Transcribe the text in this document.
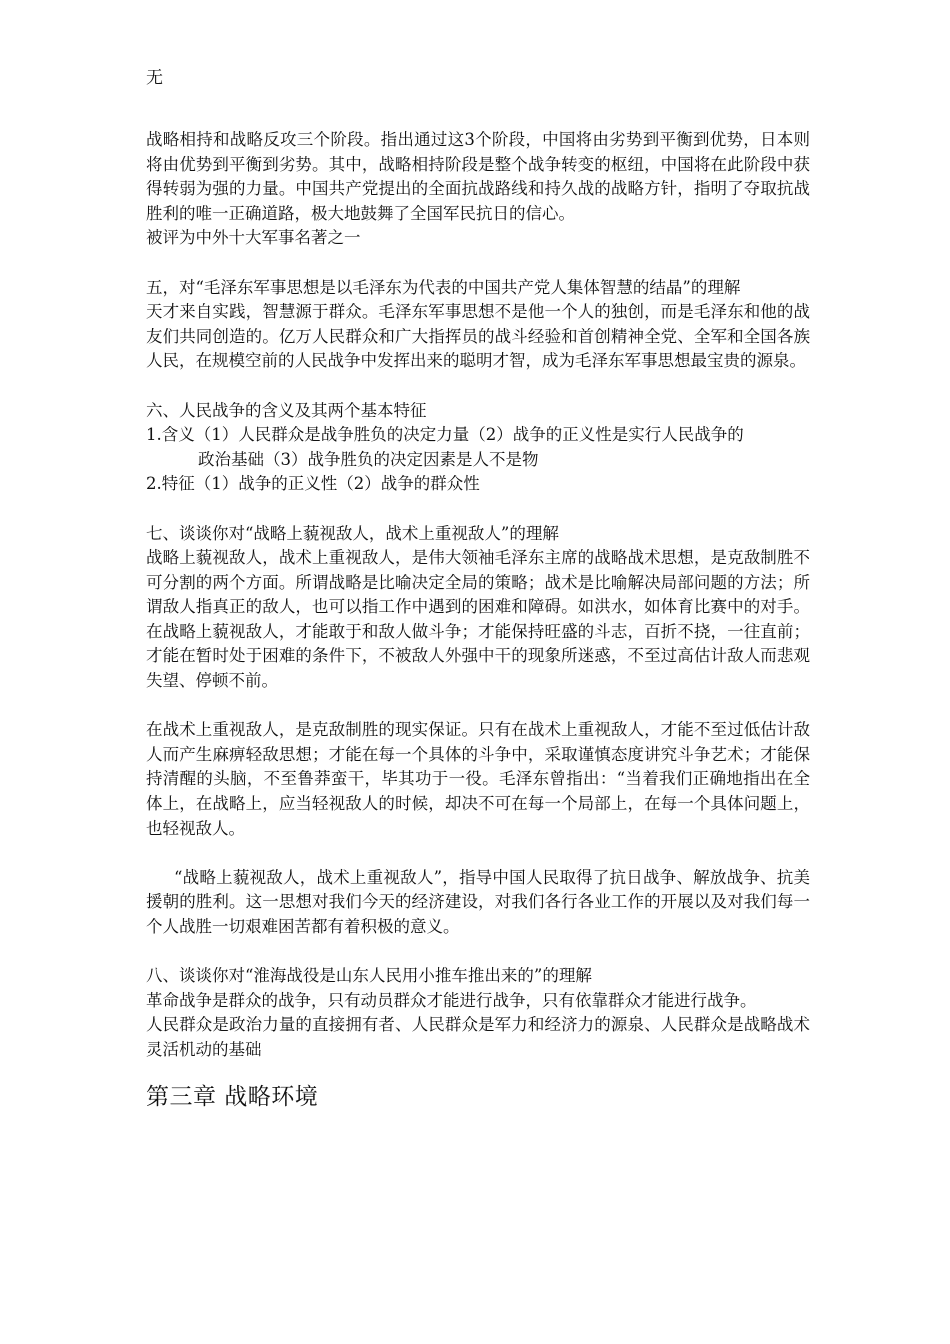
无

战略相持和战略反攻三个阶段。指出通过这3个阶段，中国将由劣势到平衡到优势，日本则将由优势到平衡到劣势。其中，战略相持阶段是整个战争转变的枢纽，中国将在此阶段中获得转弱为强的力量。中国共产党提出的全面抗战路线和持久战的战略方针，指明了夺取抗战胜利的唯一正确道路，极大地鼓舞了全国军民抗日的信心。

被评为中外十大军事名著之一

五，对“毛泽东军事思想是以毛泽东为代表的中国共产党人集体智慧的结晶”的理解

天才来自实践，智慧源于群众。毛泽东军事思想不是他一个人的独创，而是毛泽东和他的战友们共同创造的。亿万人民群众和广大指挥员的战斗经验和首创精神全党、全军和全国各族人民，在规模空前的人民战争中发挥出来的聪明才智，成为毛泽东军事思想最宝贵的源泉。

六、人民战争的含义及其两个基本特征

1.含义（1）人民群众是战争胜负的决定力量（2）战争的正义性是实行人民战争的

政治基础（3）战争胜负的决定因素是人不是物

2.特征（1）战争的正义性（2）战争的群众性

七、谈谈你对“战略上藐视敌人，战术上重视敌人”的理解

战略上藐视敌人，战术上重视敌人，是伟大领袖毛泽东主席的战略战术思想，是克敌制胜不可分割的两个方面。所谓战略是比喻决定全局的策略；战术是比喻解决局部问题的方法；所谓敌人指真正的敌人，也可以指工作中遇到的困难和障碍。如洪水，如体育比赛中的对手。在战略上藐视敌人，才能敢于和敌人做斗争；才能保持旺盛的斗志，百折不挠，一往直前；才能在暂时处于困难的条件下，不被敌人外强中干的现象所迷惑，不至过高估计敌人而悲观失望、停顿不前。

在战术上重视敌人，是克敌制胜的现实保证。只有在战术上重视敌人，才能不至过低估计敌人而产生麻痹轻敌思想；才能在每一个具体的斗争中，采取谨慎态度讲究斗争艺术；才能保持清醒的头脑，不至鲁莽蛮干，毕其功于一役。毛泽东曾指出：“当着我们正确地指出在全体上，在战略上，应当轻视敌人的时候，却决不可在每一个局部上，在每一个具体问题上，也轻视敌人。

“战略上藐视敌人，战术上重视敌人”，指导中国人民取得了抗日战争、解放战争、抗美援朝的胜利。这一思想对我们今天的经济建设，对我们各行各业工作的开展以及对我们每一个人战胜一切艰难困苦都有着积极的意义。

八、谈谈你对“淮海战役是山东人民用小推车推出来的”的理解

革命战争是群众的战争，只有动员群众才能进行战争，只有依靠群众才能进行战争。

人民群众是政治力量的直接拥有者、人民群众是军力和经济力的源泉、人民群众是战略战术灵活机动的基础

第三章 战略环境
